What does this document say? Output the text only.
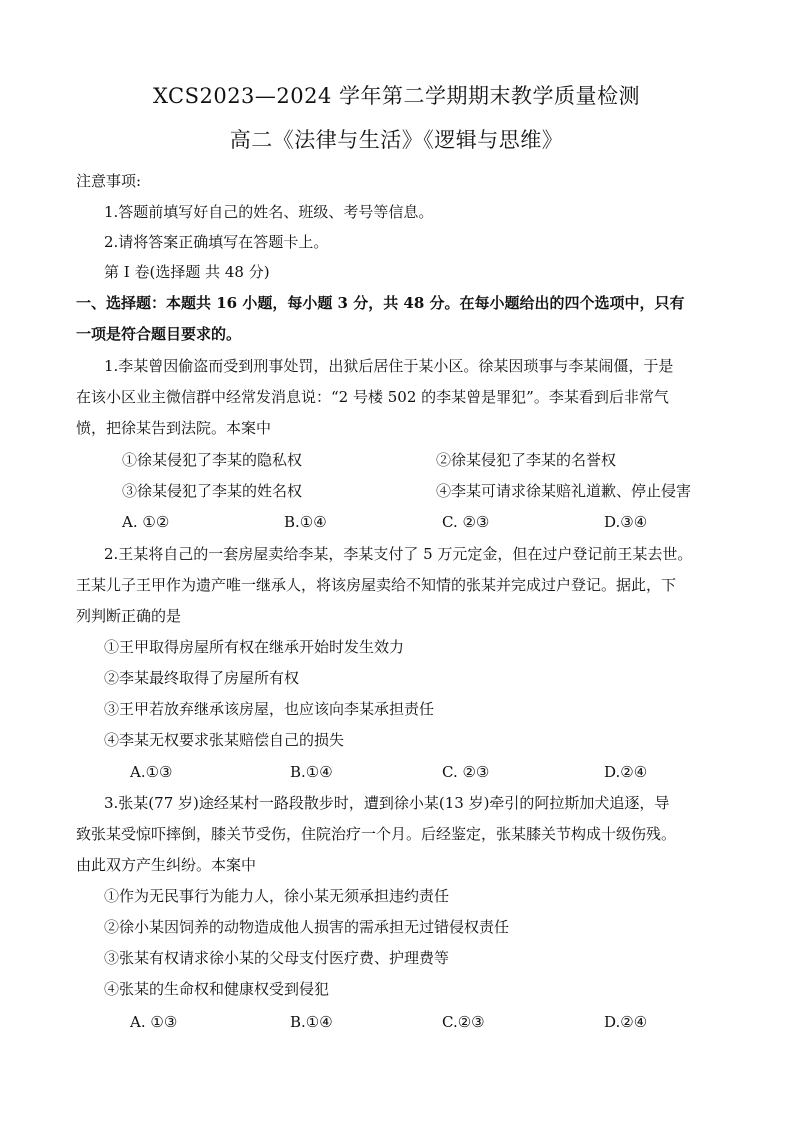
XCS2023—2024 学年第二学期期末教学质量检测
高二《法律与生活》《逻辑与思维》
注意事项:
1.答题前填写好自己的姓名、班级、考号等信息。
2.请将答案正确填写在答题卡上。
第 I 卷(选择题 共 48 分)
一、选择题：本题共 16 小题，每小题 3 分，共 48 分。在每小题给出的四个选项中，只有
一项是符合题目要求的。
1.李某曾因偷盗而受到刑事处罚，出狱后居住于某小区。徐某因琐事与李某闹僵，于是
在该小区业主微信群中经常发消息说：“2 号楼 502 的李某曾是罪犯”。李某看到后非常气
愤，把徐某告到法院。本案中
①徐某侵犯了李某的隐私权	②徐某侵犯了李某的名誉权
③徐某侵犯了李某的姓名权	④李某可请求徐某赔礼道歉、停止侵害
A. ①②	B.①④	C. ②③	D.③④
2.王某将自己的一套房屋卖给李某，李某支付了 5 万元定金，但在过户登记前王某去世。
王某儿子王甲作为遗产唯一继承人，将该房屋卖给不知情的张某并完成过户登记。据此，下
列判断正确的是
①王甲取得房屋所有权在继承开始时发生效力
②李某最终取得了房屋所有权
③王甲若放弃继承该房屋，也应该向李某承担责任
④李某无权要求张某赔偿自己的损失
A.①③	B.①④	C. ②③	D.②④
3.张某(77 岁)途经某村一路段散步时，遭到徐小某(13 岁)牵引的阿拉斯加犬追逐，导
致张某受惊吓摔倒，膝关节受伤，住院治疗一个月。后经鉴定，张某膝关节构成十级伤残。
由此双方产生纠纷。本案中
①作为无民事行为能力人，徐小某无须承担违约责任
②徐小某因饲养的动物造成他人损害的需承担无过错侵权责任
③张某有权请求徐小某的父母支付医疗费、护理费等
④张某的生命权和健康权受到侵犯
A. ①③	B.①④	C.②③	D.②④
